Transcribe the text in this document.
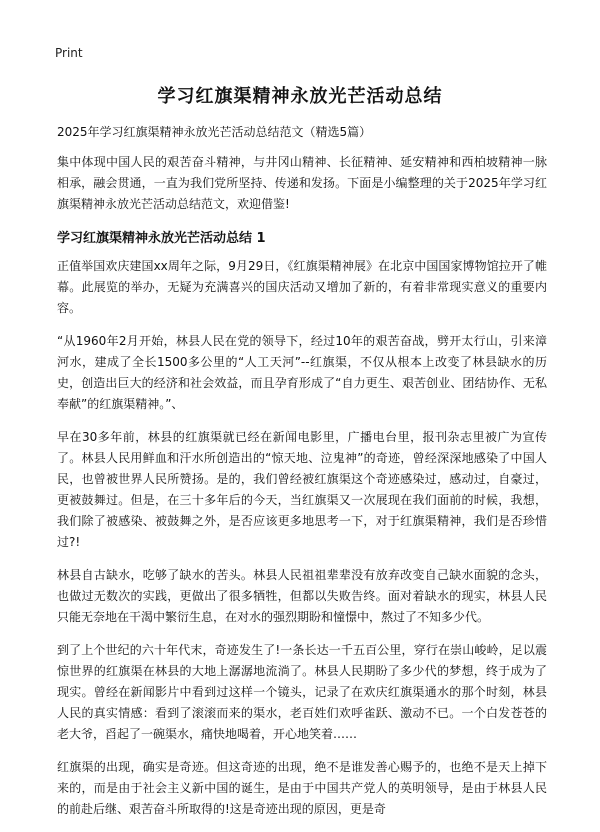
Print
学习红旗渠精神永放光芒活动总结
2025年学习红旗渠精神永放光芒活动总结范文（精选5篇）

集中体现中国人民的艰苦奋斗精神，与井冈山精神、长征精神、延安精神和西柏坡精神一脉相承，融会贯通，一直为我们党所坚持、传递和发扬。下面是小编整理的关于2025年学习红旗渠精神永放光芒活动总结范文，欢迎借鉴!

学习红旗渠精神永放光芒活动总结 1

正值举国欢庆建国xx周年之际，9月29日，《红旗渠精神展》在北京中国国家博物馆拉开了帷幕。此展览的举办，无疑为充满喜兴的国庆活动又增加了新的，有着非常现实意义的重要内容。

“从1960年2月开始，林县人民在党的领导下，经过10年的艰苦奋战，劈开太行山，引来漳河水，建成了全长1500多公里的“人工天河”--红旗渠，不仅从根本上改变了林县缺水的历史，创造出巨大的经济和社会效益，而且孕育形成了“自力更生、艰苦创业、团结协作、无私奉献”的红旗渠精神。”、

早在30多年前，林县的红旗渠就已经在新闻电影里，广播电台里，报刊杂志里被广为宣传了。林县人民用鲜血和汗水所创造出的“惊天地、泣鬼神”的奇迹，曾经深深地感染了中国人民，也曾被世界人民所赞扬。是的，我们曾经被红旗渠这个奇迹感染过，感动过，自豪过，更被鼓舞过。但是，在三十多年后的今天，当红旗渠又一次展现在我们面前的时候，我想，我们除了被感染、被鼓舞之外，是否应该更多地思考一下，对于红旗渠精神，我们是否珍惜过?!

林县自古缺水，吃够了缺水的苦头。林县人民祖祖辈辈没有放弃改变自己缺水面貌的念头，也做过无数次的实践，更做出了很多牺牲，但都以失败告终。面对着缺水的现实，林县人民只能无奈地在干渴中繁衍生息，在对水的强烈期盼和憧憬中，熬过了不知多少代。

到了上个世纪的六十年代末，奇迹发生了!一条长达一千五百公里，穿行在崇山峻岭，足以震惊世界的红旗渠在林县的大地上潺潺地流淌了。林县人民期盼了多少代的梦想，终于成为了现实。曾经在新闻影片中看到过这样一个镜头，记录了在欢庆红旗渠通水的那个时刻，林县人民的真实情感：看到了滚滚而来的渠水，老百姓们欢呼雀跃、激动不已。一个白发苍苍的老大爷，舀起了一碗渠水，痛快地喝着，开心地笑着……

红旗渠的出现，确实是奇迹。但这奇迹的出现，绝不是谁发善心赐予的，也绝不是天上掉下来的，而是由于社会主义新中国的诞生，是由于中国共产党人的英明领导，是由于林县人民的前赴后继、艰苦奋斗所取得的!这是奇迹出现的原因，更是奇
